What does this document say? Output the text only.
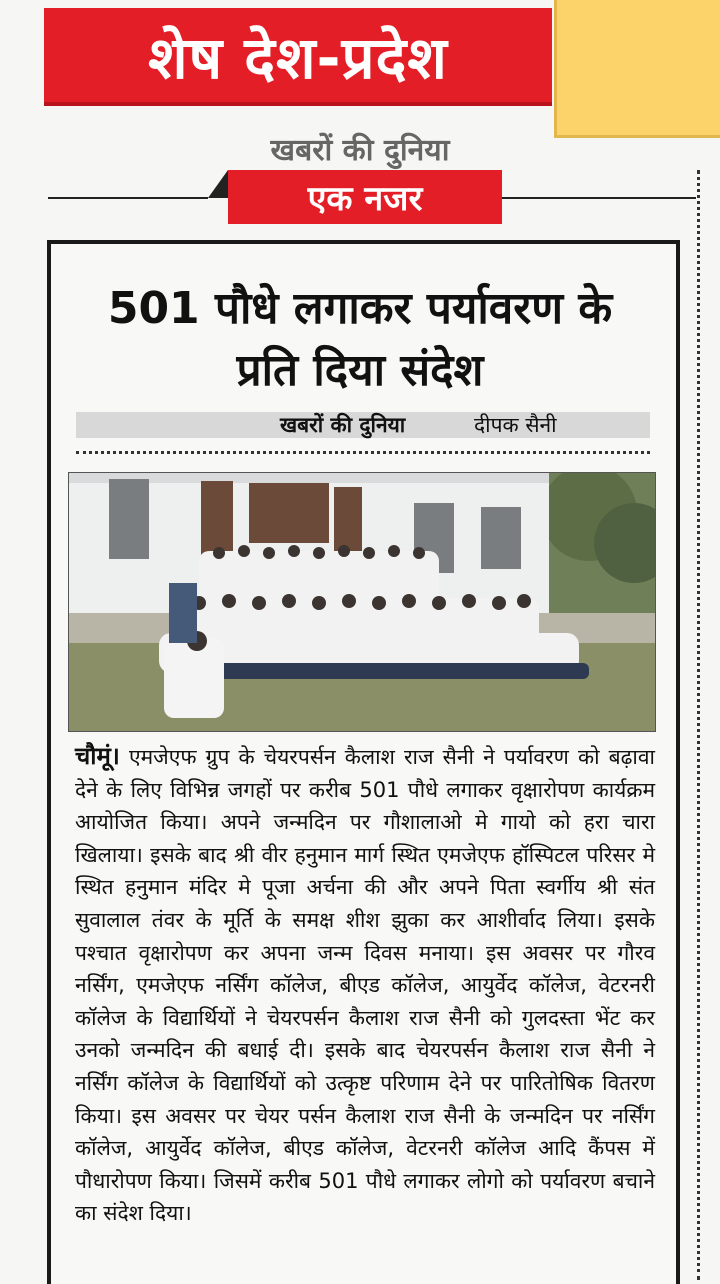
शेष देश-प्रदेश
खबरों की दुनिया
एक नजर
501 पौधे लगाकर पर्यावरण के प्रति दिया संदेश
खबरों की दुनिया	दीपक सैनी
चौमूं। एमजेएफ ग्रुप के चेयरपर्सन कैलाश राज सैनी ने पर्यावरण को बढ़ावा देने के लिए विभिन्न जगहों पर करीब 501 पौधे लगाकर वृक्षारोपण कार्यक्रम आयोजित किया। अपने जन्मदिन पर गौशालाओ मे गायो को हरा चारा खिलाया। इसके बाद श्री वीर हनुमान मार्ग स्थित एमजेएफ हॉस्पिटल परिसर मे स्थित हनुमान मंदिर मे पूजा अर्चना की और अपने पिता स्वर्गीय श्री संत सुवालाल तंवर के मूर्ति के समक्ष शीश झुका कर आशीर्वाद लिया। इसके पश्चात वृक्षारोपण कर अपना जन्म दिवस मनाया। इस अवसर पर गौरव नर्सिंग, एमजेएफ नर्सिंग कॉलेज, बीएड कॉलेज, आयुर्वेद कॉलेज, वेटरनरी कॉलेज के विद्यार्थियों ने चेयरपर्सन कैलाश राज सैनी को गुलदस्ता भेंट कर उनको जन्मदिन की बधाई दी। इसके बाद चेयरपर्सन कैलाश राज सैनी ने नर्सिंग कॉलेज के विद्यार्थियों को उत्कृष्ट परिणाम देने पर पारितोषिक वितरण किया। इस अवसर पर चेयर पर्सन कैलाश राज सैनी के जन्मदिन पर नर्सिंग कॉलेज, आयुर्वेद कॉलेज, बीएड कॉलेज, वेटरनरी कॉलेज आदि कैंपस में पौधारोपण किया। जिसमें करीब 501 पौधे लगाकर लोगो को पर्यावरण बचाने का संदेश दिया।
